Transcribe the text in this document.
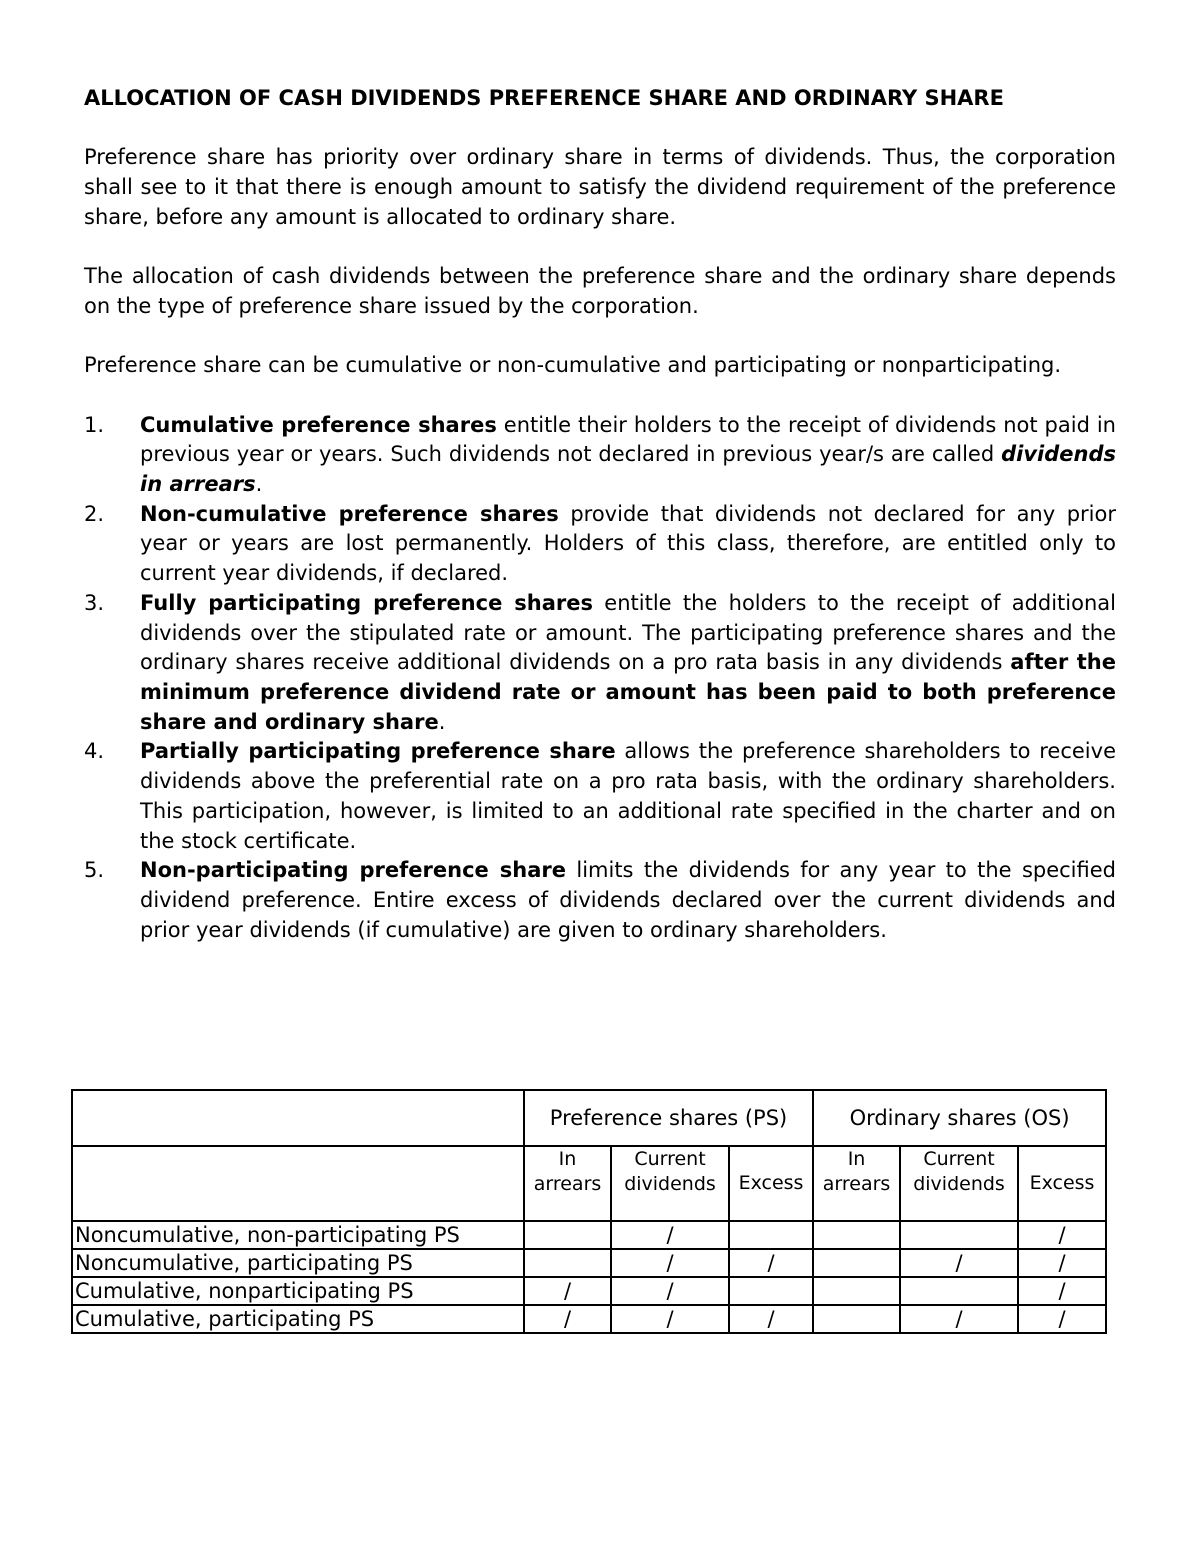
ALLOCATION OF CASH DIVIDENDS PREFERENCE SHARE AND ORDINARY SHARE

Preference share has priority over ordinary share in terms of dividends. Thus, the corporation shall see to it that there is enough amount to satisfy the dividend requirement of the preference share, before any amount is allocated to ordinary share.

The allocation of cash dividends between the preference share and the ordinary share depends on the type of preference share issued by the corporation.

Preference share can be cumulative or non-cumulative and participating or nonparticipating.

1. Cumulative preference shares entitle their holders to the receipt of dividends not paid in previous year or years. Such dividends not declared in previous year/s are called dividends in arrears.
2. Non-cumulative preference shares provide that dividends not declared for any prior year or years are lost permanently. Holders of this class, therefore, are entitled only to current year dividends, if declared.
3. Fully participating preference shares entitle the holders to the receipt of additional dividends over the stipulated rate or amount. The participating preference shares and the ordinary shares receive additional dividends on a pro rata basis in any dividends after the minimum preference dividend rate or amount has been paid to both preference share and ordinary share.
4. Partially participating preference share allows the preference shareholders to receive dividends above the preferential rate on a pro rata basis, with the ordinary shareholders. This participation, however, is limited to an additional rate specified in the charter and on the stock certificate.
5. Non-participating preference share limits the dividends for any year to the specified dividend preference. Entire excess of dividends declared over the current dividends and prior year dividends (if cumulative) are given to ordinary shareholders.
	Preference shares (PS)			Ordinary shares (OS)		
	In arrears	Current dividends	Excess	In arrears	Current dividends	Excess
Noncumulative, non-participating PS		/				/
Noncumulative, participating PS		/	/		/	/
Cumulative, nonparticipating PS	/	/				/
Cumulative, participating PS	/	/	/		/	/
